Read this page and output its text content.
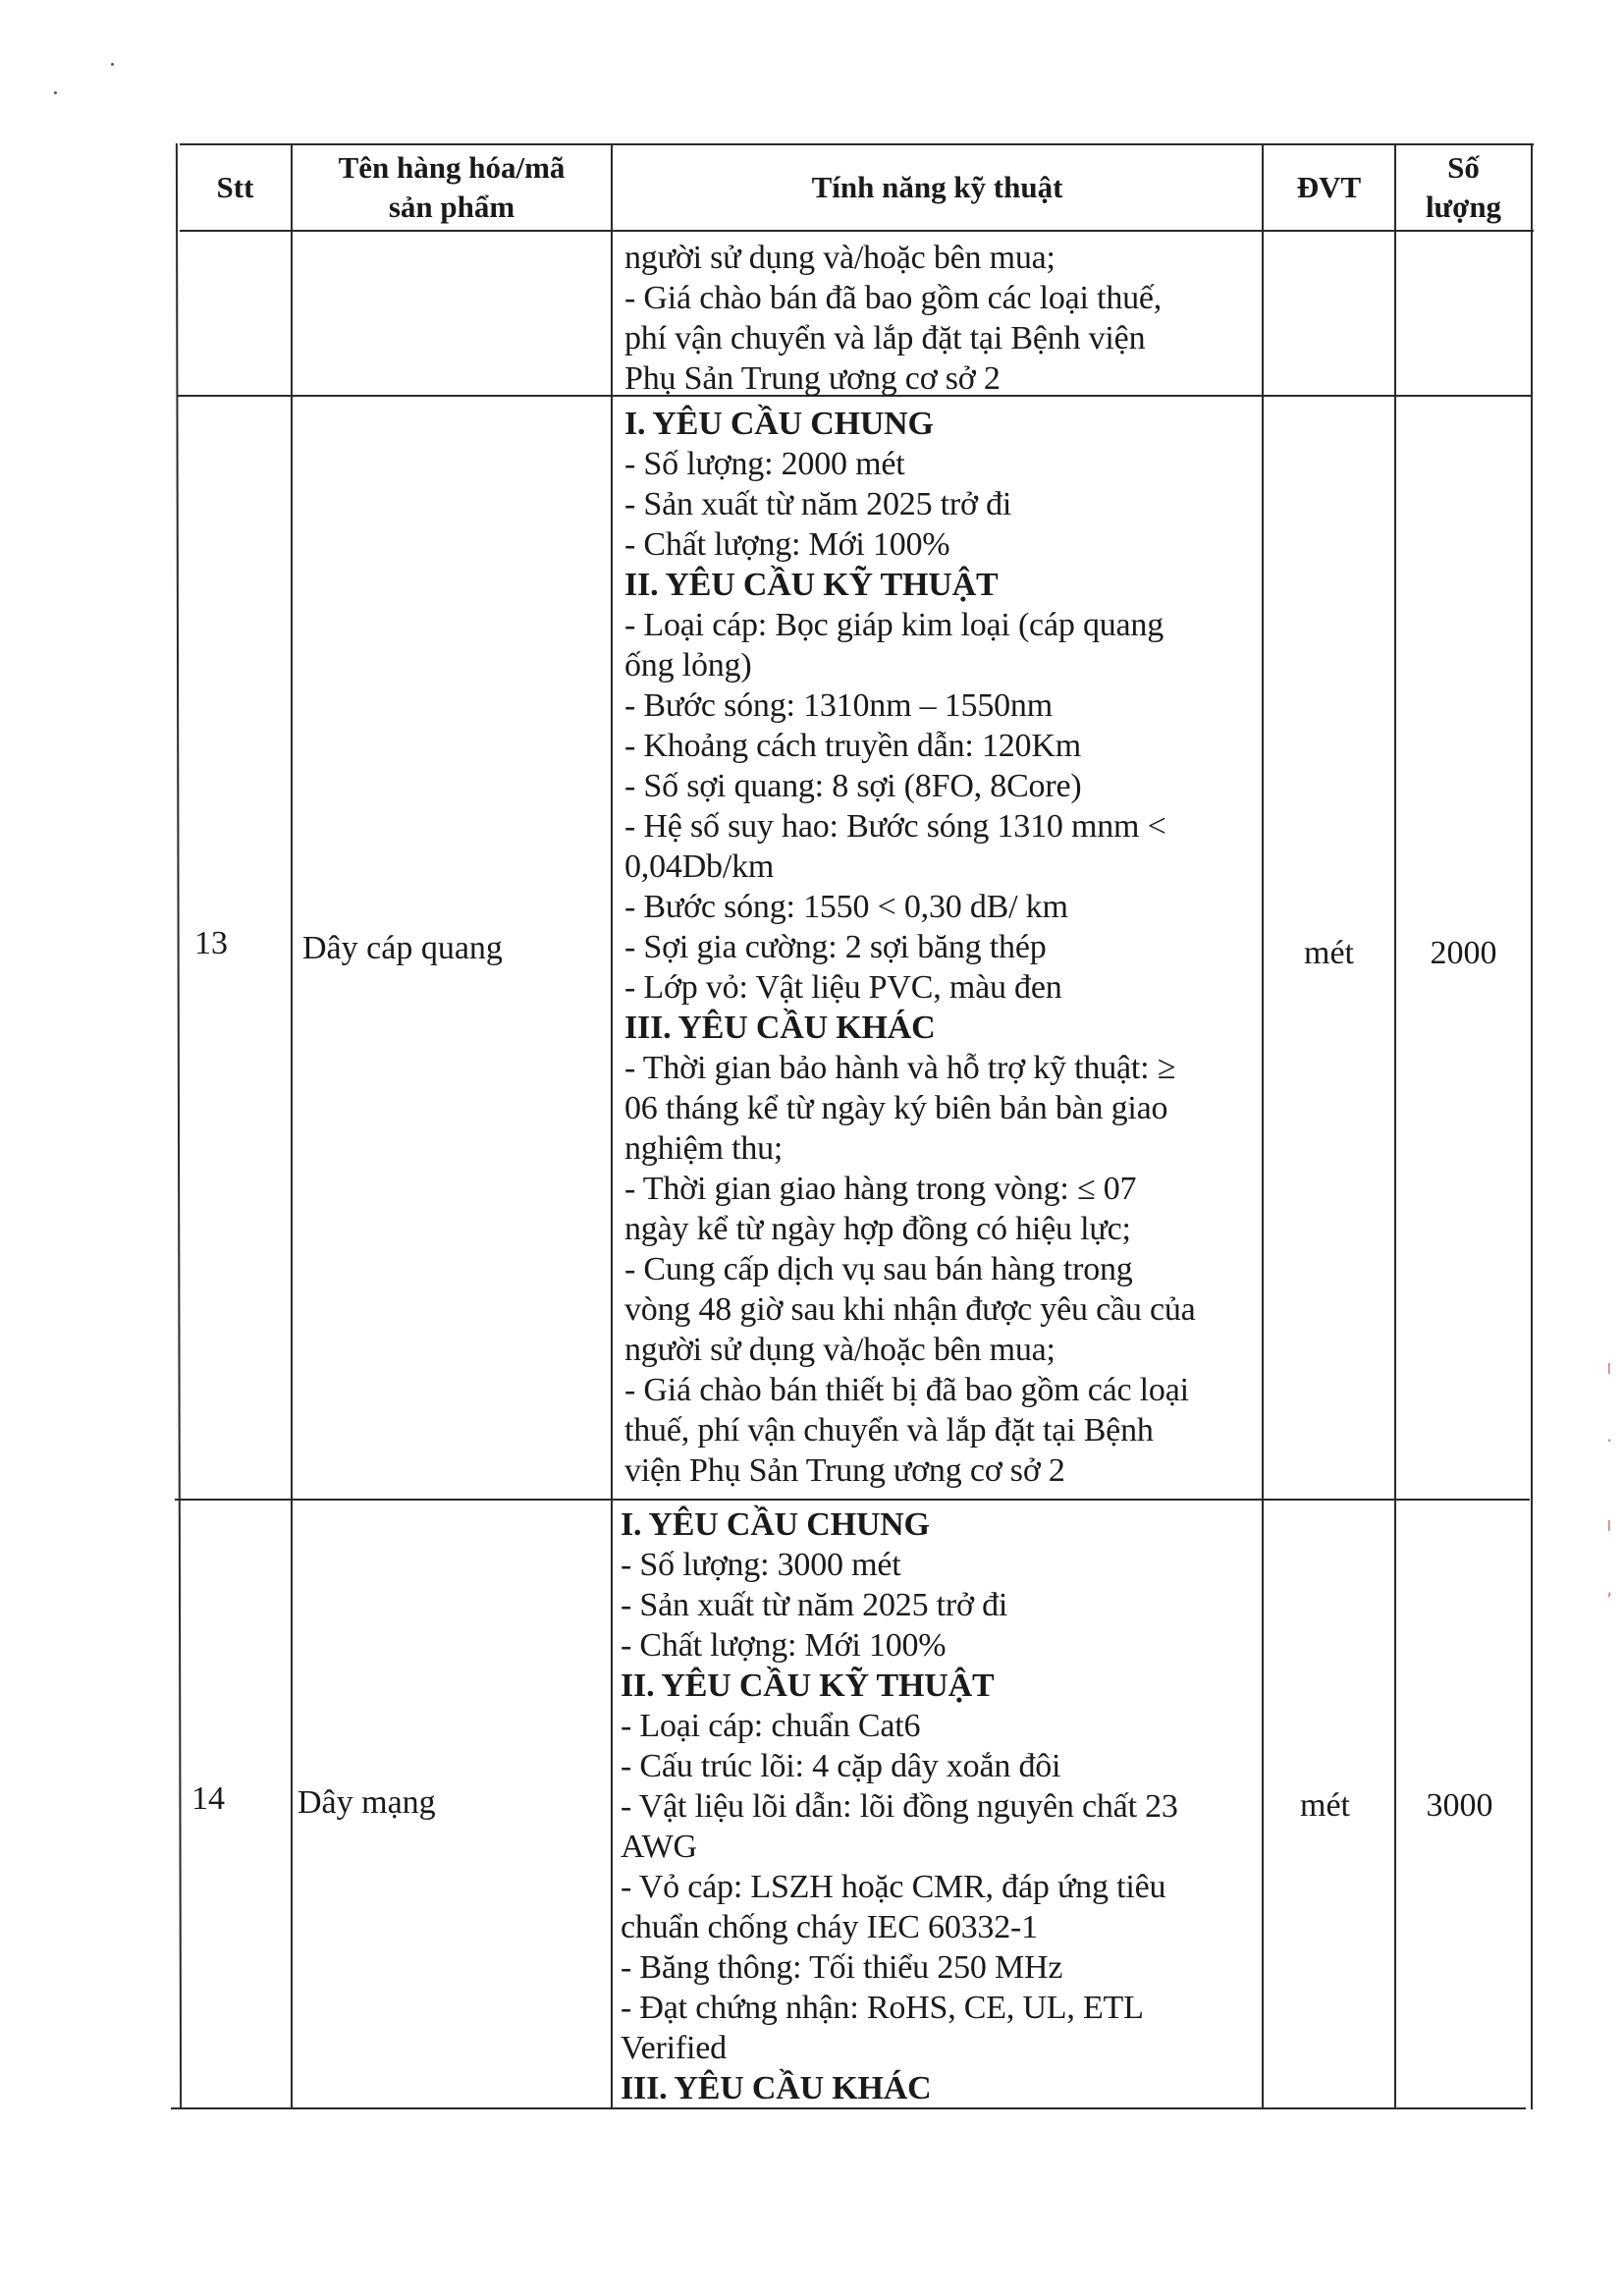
ı
·
ı
,
Stt
Tên hàng hóa/mã
sản phẩm
Tính năng kỹ thuật	ĐVT
Số
lượng
người sử dụng và/hoặc bên mua;
- Giá chào bán đã bao gồm các loại thuế,
phí vận chuyển và lắp đặt tại Bệnh viện
Phụ Sản Trung ương cơ sở 2
13 Dây cáp quang
I. YÊU CẦU CHUNG
- Số lượng: 2000 mét
- Sản xuất từ năm 2025 trở đi
- Chất lượng: Mới 100%
II. YÊU CẦU KỸ THUẬT
- Loại cáp: Bọc giáp kim loại (cáp quang
ống lỏng)
- Bước sóng: 1310nm – 1550nm
- Khoảng cách truyền dẫn: 120Km
- Số sợi quang: 8 sợi (8FO, 8Core)
- Hệ số suy hao: Bước sóng 1310 mnm <
0,04Db/km
- Bước sóng: 1550 < 0,30 dB/ km
- Sợi gia cường: 2 sợi băng thép
- Lớp vỏ: Vật liệu PVC, màu đen
III. YÊU CẦU KHÁC
- Thời gian bảo hành và hỗ trợ kỹ thuật: ≥
06 tháng kể từ ngày ký biên bản bàn giao
nghiệm thu;
- Thời gian giao hàng trong vòng: ≤ 07
ngày kể từ ngày hợp đồng có hiệu lực;
- Cung cấp dịch vụ sau bán hàng trong
vòng 48 giờ sau khi nhận được yêu cầu của
người sử dụng và/hoặc bên mua;
- Giá chào bán thiết bị đã bao gồm các loại
thuế, phí vận chuyển và lắp đặt tại Bệnh
viện Phụ Sản Trung ương cơ sở 2
mét 2000
14 Dây mạng
I. YÊU CẦU CHUNG
- Số lượng: 3000 mét
- Sản xuất từ năm 2025 trở đi
- Chất lượng: Mới 100%
II. YÊU CẦU KỸ THUẬT
- Loại cáp: chuẩn Cat6
- Cấu trúc lõi: 4 cặp dây xoắn đôi
- Vật liệu lõi dẫn: lõi đồng nguyên chất 23
AWG
- Vỏ cáp: LSZH hoặc CMR, đáp ứng tiêu
chuẩn chống cháy IEC 60332-1
- Băng thông: Tối thiểu 250 MHz
- Đạt chứng nhận: RoHS, CE, UL, ETL
Verified
III. YÊU CẦU KHÁC
mét 3000
